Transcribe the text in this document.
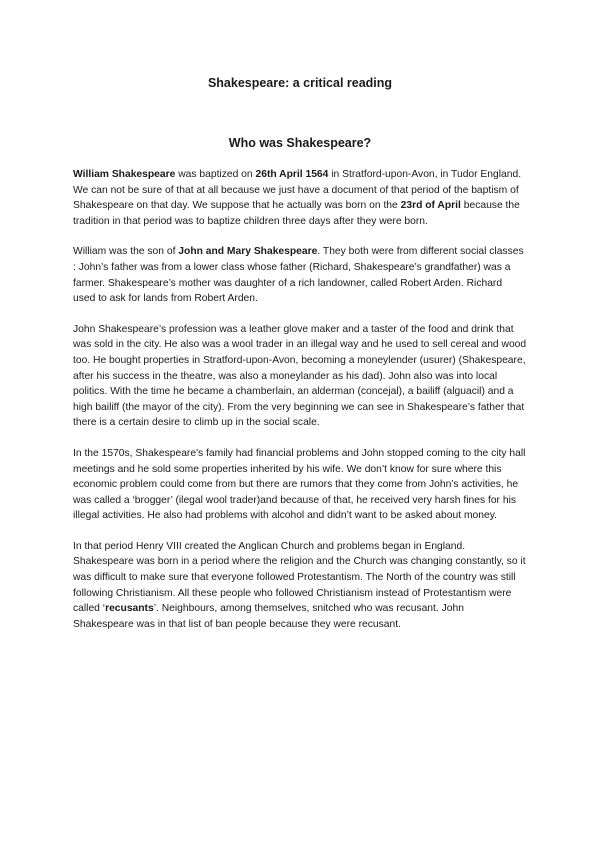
Shakespeare: a critical reading
Who was Shakespeare?

William Shakespeare was baptized on 26th April 1564 in Stratford-upon-Avon, in Tudor England. We can not be sure of that at all because we just have a document of that period of the baptism of Shakespeare on that day. We suppose that he actually was born on the 23rd of April because the tradition in that period was to baptize children three days after they were born.

William was the son of John and Mary Shakespeare. They both were from different social classes : John’s father was from a lower class whose father (Richard, Shakespeare’s grandfather) was a farmer. Shakespeare’s mother was daughter of a rich landowner, called Robert Arden. Richard used to ask for lands from Robert Arden.

John Shakespeare’s profession was a leather glove maker and a taster of the food and drink that was sold in the city. He also was a wool trader in an illegal way and he used to sell cereal and wood too. He bought properties in Stratford-upon-Avon, becoming a moneylender (usurer) (Shakespeare, after his success in the theatre, was also a moneylander as his dad). John also was into local politics. With the time he became a chamberlain, an alderman (concejal), a bailiff (alguacil) and a high bailiff (the mayor of the city). From the very beginning we can see in Shakespeare’s father that there is a certain desire to climb up in the social scale.

In the 1570s, Shakespeare's family had financial problems and John stopped coming to the city hall meetings and he sold some properties inherited by his wife. We don’t know for sure where this economic problem could come from but there are rumors that they come from John’s activities, he was called a ‘brogger’ (ilegal wool trader)and because of that, he received very harsh fines for his illegal activities. He also had problems with alcohol and didn’t want to be asked about money.

In that period Henry VIII created the Anglican Church and problems began in England. Shakespeare was born in a period where the religion and the Church was changing constantly, so it was difficult to make sure that everyone followed Protestantism. The North of the country was still following Christianism. All these people who followed Christianism instead of Protestantism were called ‘recusants’. Neighbours, among themselves, snitched who was recusant. John Shakespeare was in that list of ban people because they were recusant.
